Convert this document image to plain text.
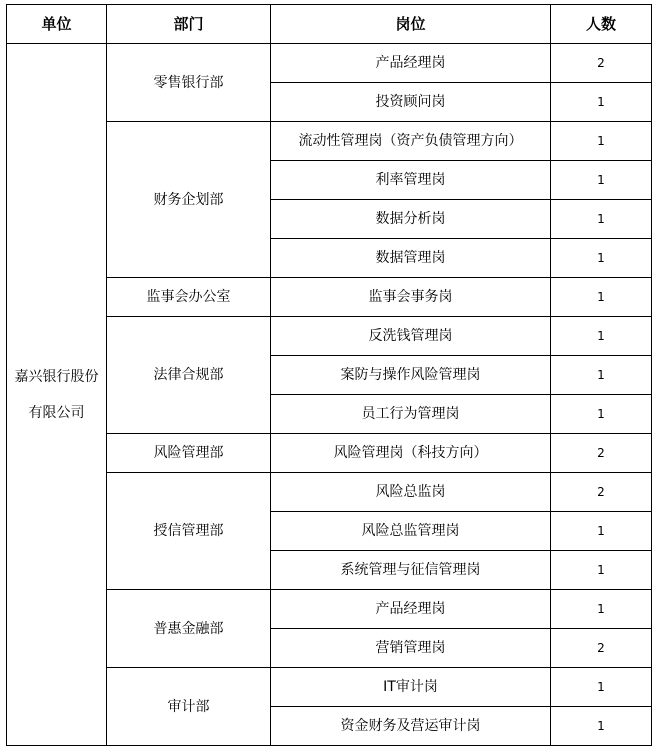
单位	部门	岗位	人数

嘉兴银行股份
有限公司	零售银行部	产品经理岗	2
		投资顾问岗	1
	财务企划部	流动性管理岗（资产负债管理方向）	1
		利率管理岗	1
		数据分析岗	1
		数据管理岗	1
	监事会办公室	监事会事务岗	1
	法律合规部	反洗钱管理岗	1
		案防与操作风险管理岗	1
		员工行为管理岗	1
	风险管理部	风险管理岗（科技方向）	2
	授信管理部	风险总监岗	2
		风险总监管理岗	1
		系统管理与征信管理岗	1
	普惠金融部	产品经理岗	1
		营销管理岗	2
	审计部	IT审计岗	1
		资金财务及营运审计岗	1
